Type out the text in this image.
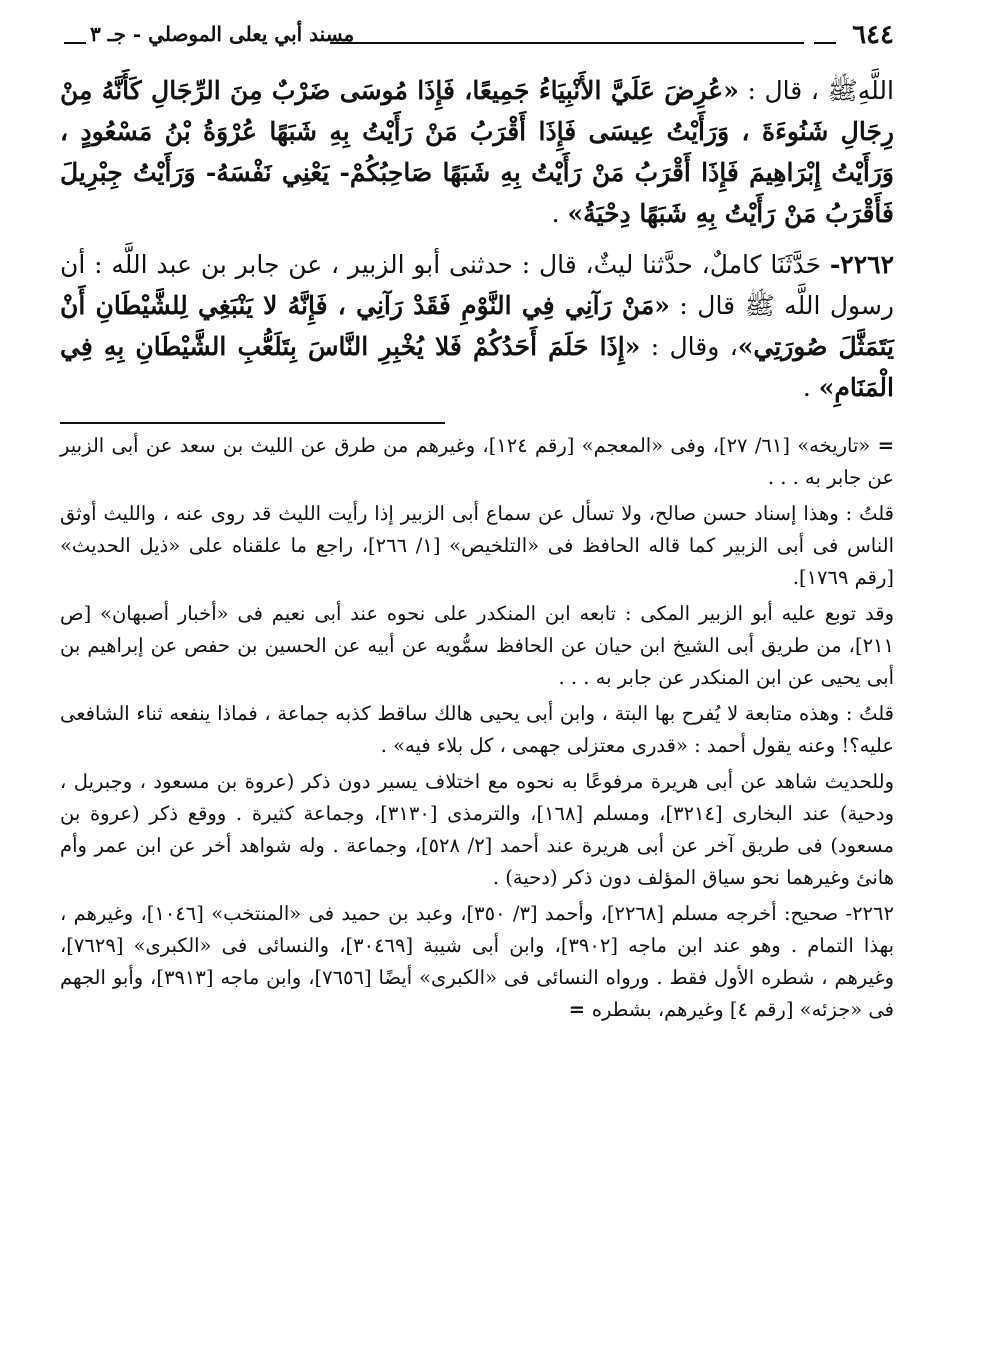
٦٤٤
مسند أبي يعلى الموصلي - جـ ٣

اللَّهِﷺ ، قال : «عُرِضَ عَلَيَّ الأَنْبِيَاءُ جَمِيعًا، فَإِذَا مُوسَى ضَرْبٌ مِنَ الرِّجَالِ كَأَنَّهُ مِنْ رِجَالِ شَنُوءَةَ ، وَرَأَيْتُ عِيسَى فَإِذَا أَقْرَبُ مَنْ رَأَيْتُ بِهِ شَبَهًا عُرْوَةُ بْنُ مَسْعُودٍ ، وَرَأَيْتُ إِبْرَاهِيمَ فَإِذَا أَقْرَبُ مَنْ رَأَيْتُ بِهِ شَبَهًا صَاحِبُكُمْ- يَعْنِي نَفْسَهُ- وَرَأَيْتُ جِبْرِيلَ فَأَقْرَبُ مَنْ رَأَيْتُ بِهِ شَبَهًا دِحْيَةُ» .

٢٢٦٢- حَدَّثَنَا كاملٌ، حدَّثنا ليثٌ، قال : حدثنى أبو الزبير ، عن جابر بن عبد اللَّه : أن رسول اللَّه ﷺ قال : «مَنْ رَآنِي فِي النَّوْمِ فَقَدْ رَآنِي ، فَإِنَّهُ لا يَنْبَغِي لِلشَّيْطَانِ أَنْ يَتَمَثَّلَ صُورَتِي»، وقال : «إِذَا حَلَمَ أَحَدُكُمْ فَلا يُخْبِرِ النَّاسَ بِتَلَعُّبِ الشَّيْطَانِ بِهِ فِي الْمَنَامِ» .

= «تاريخه» [٦١/ ٢٧]، وفى «المعجم» [رقم ١٢٤]، وغيرهم من طرق عن الليث بن سعد عن أبى الزبير عن جابر به . . .

قلتُ : وهذا إسناد حسن صالح، ولا تسأل عن سماع أبى الزبير إذا رأيت الليث قد روى عنه ، والليث أوثق الناس فى أبى الزبير كما قاله الحافظ فى «التلخيص» [١/ ٢٦٦]، راجع ما علقناه على «ذيل الحديث» [رقم ١٧٦٩].

وقد توبع عليه أبو الزبير المكى : تابعه ابن المنكدر على نحوه عند أبى نعيم فى «أخبار أصبهان» [ص ٢١١]، من طريق أبى الشيخ ابن حيان عن الحافظ سمُّويه عن أبيه عن الحسين بن حفص عن إبراهيم بن أبى يحيى عن ابن المنكدر عن جابر به . . .

قلتُ : وهذه متابعة لا يُفرح بها البتة ، وابن أبى يحيى هالك ساقط كذبه جماعة ، فماذا ينفعه ثناء الشافعى عليه؟! وعنه يقول أحمد : «قدرى معتزلى جهمى ، كل بلاء فيه» .

وللحديث شاهد عن أبى هريرة مرفوعًا به نحوه مع اختلاف يسير دون ذكر (عروة بن مسعود ، وجبريل ، ودحية) عند البخارى [٣٢١٤]، ومسلم [١٦٨]، والترمذى [٣١٣٠]، وجماعة كثيرة . ووقع ذكر (عروة بن مسعود) فى طريق آخر عن أبى هريرة عند أحمد [٢/ ٥٢٨]، وجماعة . وله شواهد أخر عن ابن عمر وأم هانئ وغيرهما نحو سياق المؤلف دون ذكر (دحية) .

٢٢٦٢- صحيح: أخرجه مسلم [٢٢٦٨]، وأحمد [٣/ ٣٥٠]، وعبد بن حميد فى «المنتخب» [١٠٤٦]، وغيرهم ، بهذا التمام . وهو عند ابن ماجه [٣٩٠٢]، وابن أبى شيبة [٣٠٤٦٩]، والنسائى فى «الكبرى» [٧٦٢٩]، وغيرهم ، شطره الأول فقط . ورواه النسائى فى «الكبرى» أيضًا [٧٦٥٦]، وابن ماجه [٣٩١٣]، وأبو الجهم فى «جزئه» [رقم ٤] وغيرهم، بشطره =
